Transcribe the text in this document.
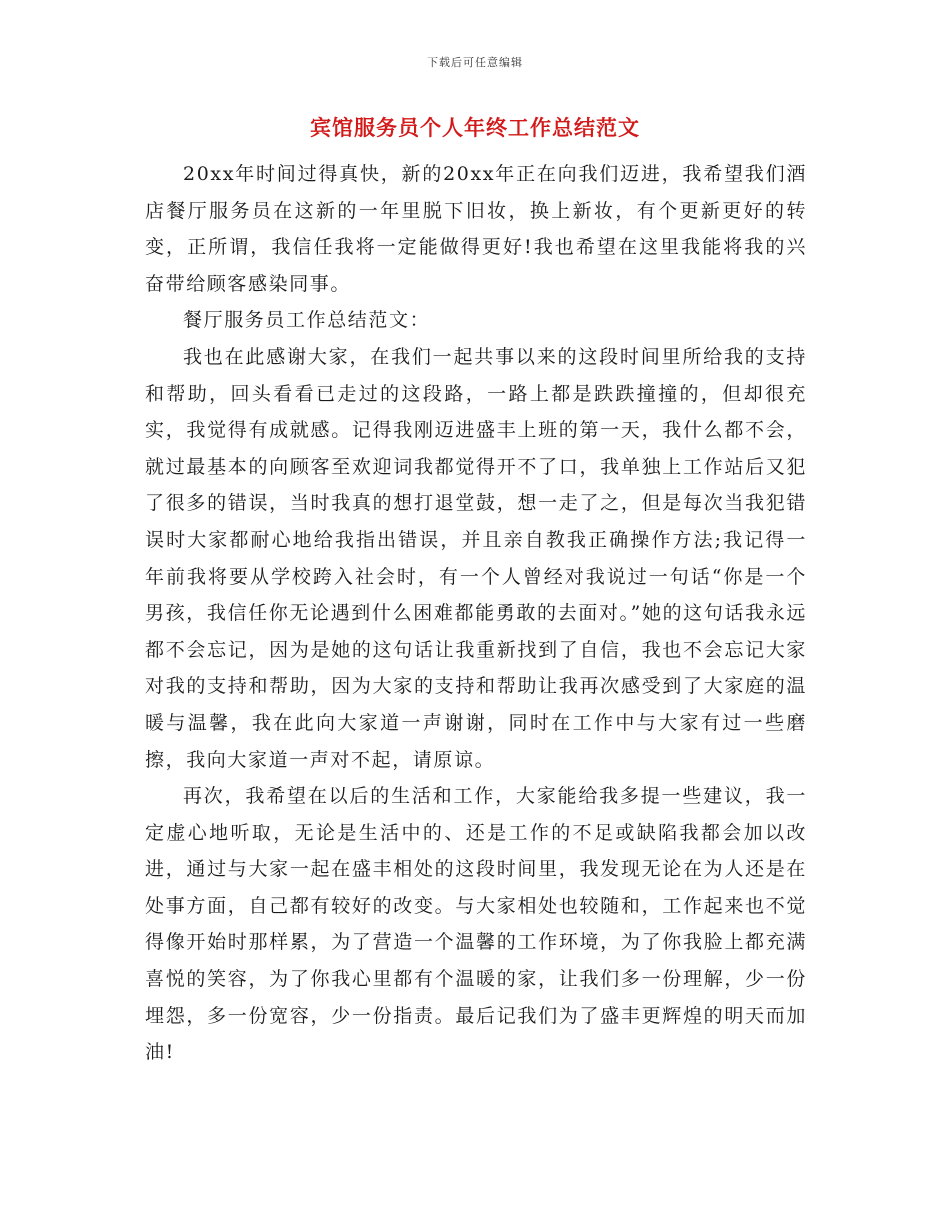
下载后可任意编辑
宾馆服务员个人年终工作总结范文

20xx年时间过得真快，新的20xx年正在向我们迈进，我希望我们酒店餐厅服务员在这新的一年里脱下旧妆，换上新妆，有个更新更好的转变，正所谓，我信任我将一定能做得更好!我也希望在这里我能将我的兴奋带给顾客感染同事。

餐厅服务员工作总结范文：

我也在此感谢大家，在我们一起共事以来的这段时间里所给我的支持和帮助，回头看看已走过的这段路，一路上都是跌跌撞撞的，但却很充实，我觉得有成就感。记得我刚迈进盛丰上班的第一天，我什么都不会，就过最基本的向顾客至欢迎词我都觉得开不了口，我单独上工作站后又犯了很多的错误，当时我真的想打退堂鼓，想一走了之，但是每次当我犯错误时大家都耐心地给我指出错误，并且亲自教我正确操作方法;我记得一年前我将要从学校跨入社会时，有一个人曾经对我说过一句话“你是一个男孩，我信任你无论遇到什么困难都能勇敢的去面对。”她的这句话我永远都不会忘记，因为是她的这句话让我重新找到了自信，我也不会忘记大家对我的支持和帮助，因为大家的支持和帮助让我再次感受到了大家庭的温暖与温馨，我在此向大家道一声谢谢，同时在工作中与大家有过一些磨擦，我向大家道一声对不起，请原谅。

再次，我希望在以后的生活和工作，大家能给我多提一些建议，我一定虚心地听取，无论是生活中的、还是工作的不足或缺陷我都会加以改进，通过与大家一起在盛丰相处的这段时间里，我发现无论在为人还是在处事方面，自己都有较好的改变。与大家相处也较随和，工作起来也不觉得像开始时那样累，为了营造一个温馨的工作环境，为了你我脸上都充满喜悦的笑容，为了你我心里都有个温暖的家，让我们多一份理解，少一份埋怨，多一份宽容，少一份指责。最后记我们为了盛丰更辉煌的明天而加油!
